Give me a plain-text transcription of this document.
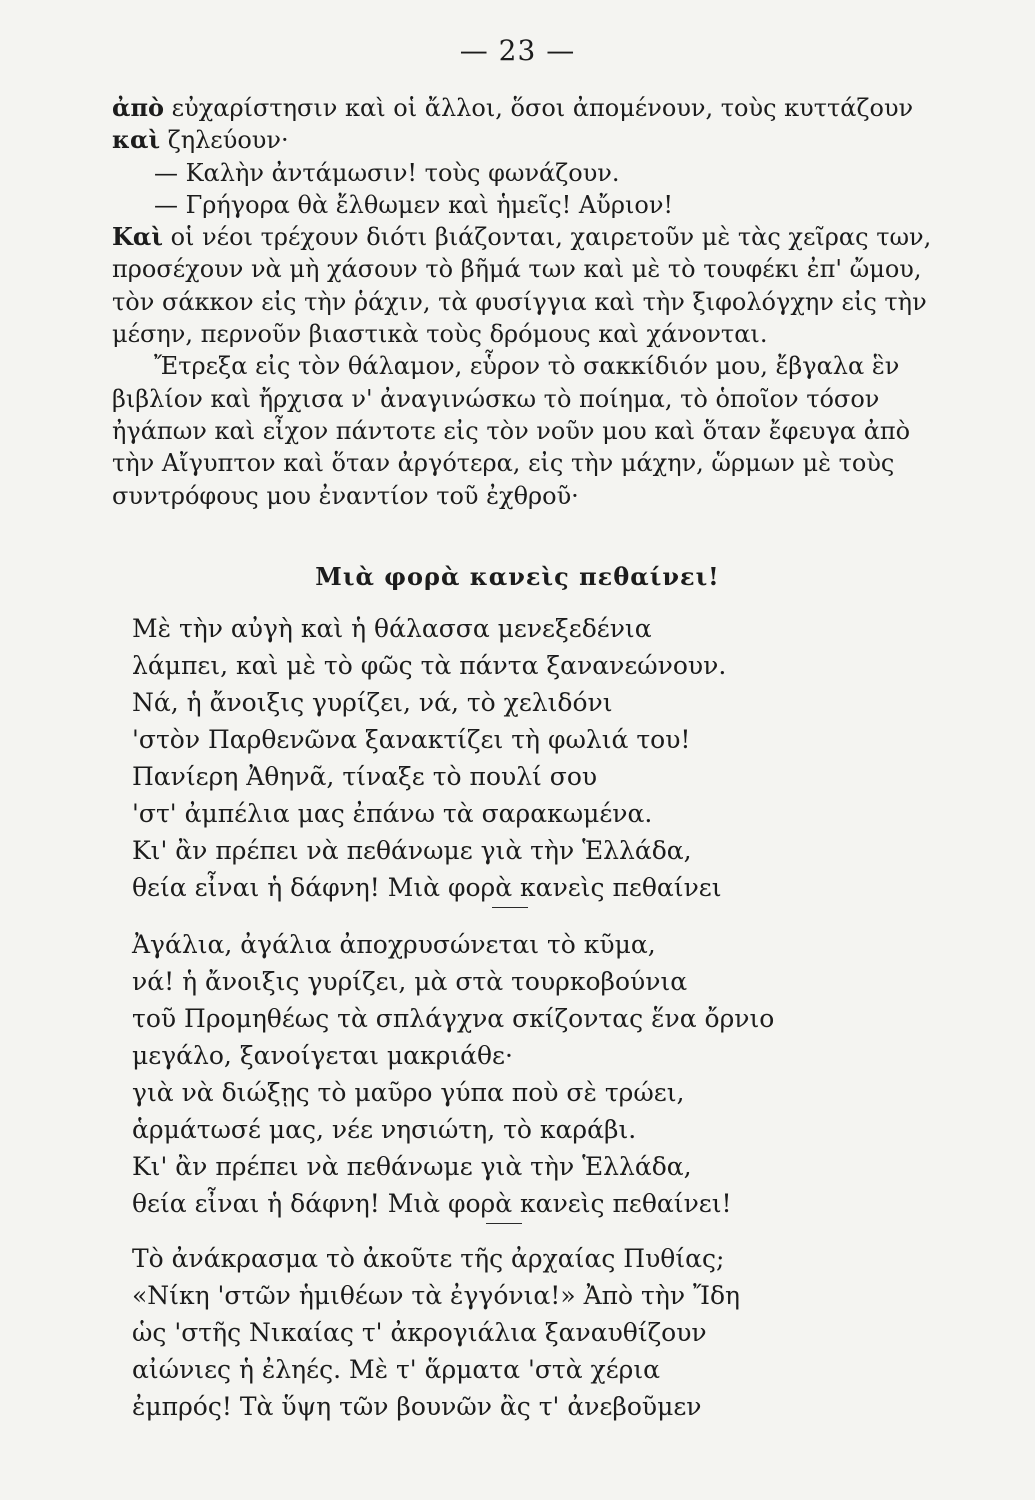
— 23 —
ἀπὸ εὐχαρίστησιν καὶ οἱ ἄλλοι, ὅσοι ἀπομένουν, τοὺς κυττάζουν
καὶ ζηλεύουν·
— Καλὴν ἀντάμωσιν! τοὺς φωνάζουν.
— Γρήγορα θὰ ἔλθωμεν καὶ ἡμεῖς! Αὔριον!
Καὶ οἱ νέοι τρέχουν διότι βιάζονται, χαιρετοῦν μὲ τὰς χεῖρας των,
προσέχουν νὰ μὴ χάσουν τὸ βῆμά των καὶ μὲ τὸ τουφέκι ἐπ' ὤμου,
τὸν σάκκον εἰς τὴν ῥάχιν, τὰ φυσίγγια καὶ τὴν ξιφολόγχην εἰς τὴν
μέσην, περνοῦν βιαστικὰ τοὺς δρόμους καὶ χάνονται.
Ἔτρεξα εἰς τὸν θάλαμον, εὗρον τὸ σακκίδιόν μου, ἔβγαλα ἓν
βιβλίον καὶ ἤρχισα ν' ἀναγινώσκω τὸ ποίημα, τὸ ὁποῖον τόσον
ἠγάπων καὶ εἶχον πάντοτε εἰς τὸν νοῦν μου καὶ ὅταν ἔφευγα ἀπὸ
τὴν Αἴγυπτον καὶ ὅταν ἀργότερα, εἰς τὴν μάχην, ὥρμων μὲ τοὺς
συντρόφους μου ἐναντίον τοῦ ἐχθροῦ·
Μιὰ φορὰ κανεὶς πεθαίνει!
Μὲ τὴν αὐγὴ καὶ ἡ θάλασσα μενεξεδένια
λάμπει, καὶ μὲ τὸ φῶς τὰ πάντα ξανανεώνουν.
Νά, ἡ ἄνοιξις γυρίζει, νά, τὸ χελιδόνι
'στὸν Παρθενῶνα ξανακτίζει τὴ φωλιά του!
Πανίερη Ἀθηνᾶ, τίναξε τὸ πουλί σου
'στ' ἀμπέλια μας ἐπάνω τὰ σαρακωμένα.
Κι' ἂν πρέπει νὰ πεθάνωμε γιὰ τὴν Ἑλλάδα,
θεία εἶναι ἡ δάφνη! Μιὰ φορὰ κανεὶς πεθαίνει
Ἀγάλια, ἀγάλια ἀποχρυσώνεται τὸ κῦμα,
νά! ἡ ἄνοιξις γυρίζει, μὰ στὰ τουρκοβούνια
τοῦ Προμηθέως τὰ σπλάγχνα σκίζοντας ἕνα ὄρνιο
μεγάλο, ξανοίγεται μακριάθε·
γιὰ νὰ διώξῃς τὸ μαῦρο γύπα ποὺ σὲ τρώει,
ἁρμάτωσέ μας, νέε νησιώτη, τὸ καράβι.
Κι' ἂν πρέπει νὰ πεθάνωμε γιὰ τὴν Ἑλλάδα,
θεία εἶναι ἡ δάφνη! Μιὰ φορὰ κανεὶς πεθαίνει!
Τὸ ἀνάκρασμα τὸ ἀκοῦτε τῆς ἀρχαίας Πυθίας;
«Νίκη 'στῶν ἡμιθέων τὰ ἐγγόνια!» Ἀπὸ τὴν Ἴδη
ὡς 'στῆς Νικαίας τ' ἀκρογιάλια ξαναυθίζουν
αἰώνιες ἡ ἐληές. Μὲ τ' ἅρματα 'στὰ χέρια
ἐμπρός! Τὰ ὕψη τῶν βουνῶν ἂς τ' ἀνεβοῦμεν
